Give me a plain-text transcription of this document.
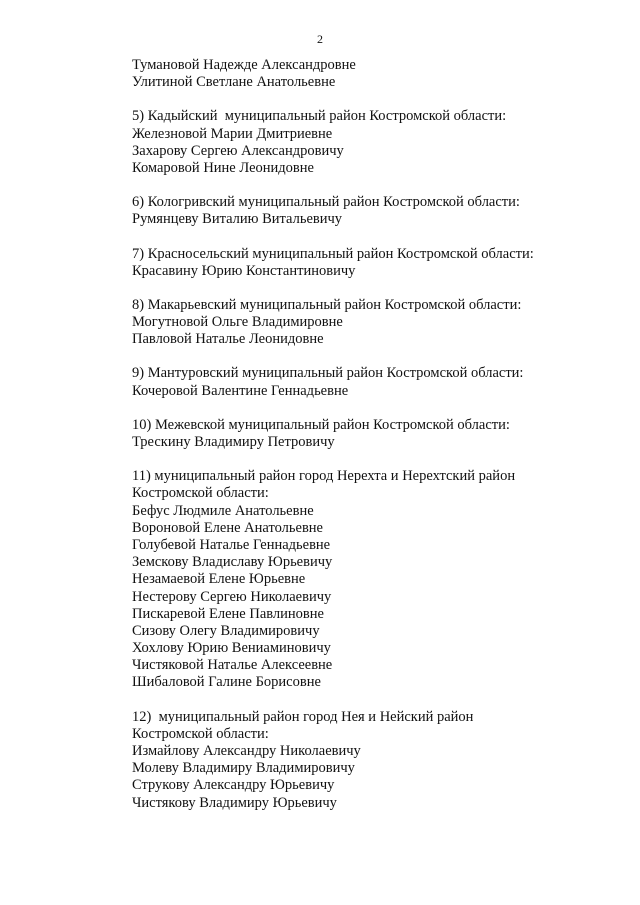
2
Тумановой Надежде Александровне
Улитиной Светлане Анатольевне
5) Кадыйский  муниципальный район Костромской области:
Железновой Марии Дмитриевне
Захарову Сергею Александровичу
Комаровой Нине Леонидовне
6) Кологривский муниципальный район Костромской области:
Румянцеву Виталию Витальевичу
7) Красносельский муниципальный район Костромской области:
Красавину Юрию Константиновичу
8) Макарьевский муниципальный район Костромской области:
Могутновой Ольге Владимировне
Павловой Наталье Леонидовне
9) Мантуровский муниципальный район Костромской области:
Кочеровой Валентине Геннадьевне
10) Межевской муниципальный район Костромской области:
Трескину Владимиру Петровичу
11) муниципальный район город Нерехта и Нерехтский район
Костромской области:
Бефус Людмиле Анатольевне
Вороновой Елене Анатольевне
Голубевой Наталье Геннадьевне
Земскову Владиславу Юрьевичу
Незамаевой Елене Юрьевне
Нестерову Сергею Николаевичу
Пискаревой Елене Павлиновне
Сизову Олегу Владимировичу
Хохлову Юрию Вениаминовичу
Чистяковой Наталье Алексеевне
Шибаловой Галине Борисовне
12)  муниципальный район город Нея и Нейский район
Костромской области:
Измайлову Александру Николаевичу
Молеву Владимиру Владимировичу
Струкову Александру Юрьевичу
Чистякову Владимиру Юрьевичу
